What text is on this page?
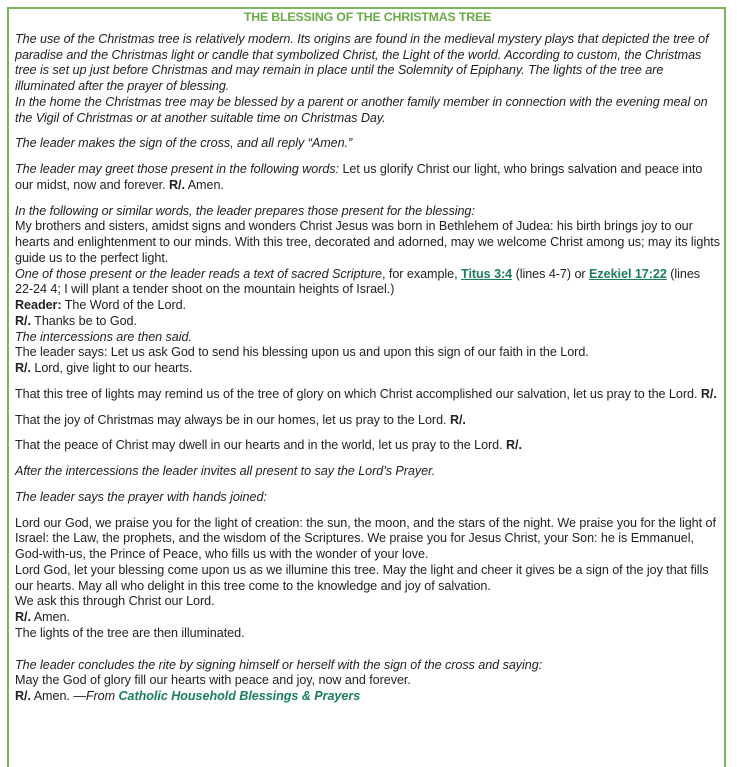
THE BLESSING OF THE CHRISTMAS TREE

The use of the Christmas tree is relatively modern. Its origins are found in the medieval mystery plays that depicted the tree of paradise and the Christmas light or candle that symbolized Christ, the Light of the world. According to custom, the Christmas tree is set up just before Christmas and may remain in place until the Solemnity of Epiphany. The lights of the tree are illuminated after the prayer of blessing.

In the home the Christmas tree may be blessed by a parent or another family member in connection with the evening meal on the Vigil of Christmas or at another suitable time on Christmas Day.

The leader makes the sign of the cross, and all reply “Amen.”

The leader may greet those present in the following words: Let us glorify Christ our light, who brings salvation and peace into our midst, now and forever. R/. Amen.

In the following or similar words, the leader prepares those present for the blessing:

My brothers and sisters, amidst signs and wonders Christ Jesus was born in Bethlehem of Judea: his birth brings joy to our hearts and enlightenment to our minds. With this tree, decorated and adorned, may we welcome Christ among us; may its lights guide us to the perfect light.

One of those present or the leader reads a text of sacred Scripture, for example, Titus 3:4 (lines 4-7) or Ezekiel 17:22 (lines 22-24 4; I will plant a tender shoot on the mountain heights of Israel.)

Reader: The Word of the Lord.

R/. Thanks be to God.

The intercessions are then said.

The leader says: Let us ask God to send his blessing upon us and upon this sign of our faith in the Lord.

R/. Lord, give light to our hearts.

That this tree of lights may remind us of the tree of glory on which Christ accomplished our salvation, let us pray to the Lord. R/.

That the joy of Christmas may always be in our homes, let us pray to the Lord. R/.

That the peace of Christ may dwell in our hearts and in the world, let us pray to the Lord. R/.

After the intercessions the leader invites all present to say the Lord’s Prayer.

The leader says the prayer with hands joined:

Lord our God, we praise you for the light of creation: the sun, the moon, and the stars of the night. We praise you for the light of Israel: the Law, the prophets, and the wisdom of the Scriptures. We praise you for Jesus Christ, your Son: he is Emmanuel, God-with-us, the Prince of Peace, who fills us with the wonder of your love.

Lord God, let your blessing come upon us as we illumine this tree. May the light and cheer it gives be a sign of the joy that fills our hearts. May all who delight in this tree come to the knowledge and joy of salvation.

We ask this through Christ our Lord.

R/. Amen.

The lights of the tree are then illuminated.

The leader concludes the rite by signing himself or herself with the sign of the cross and saying:

May the God of glory fill our hearts with peace and joy, now and forever.

R/. Amen. —From Catholic Household Blessings & Prayers
